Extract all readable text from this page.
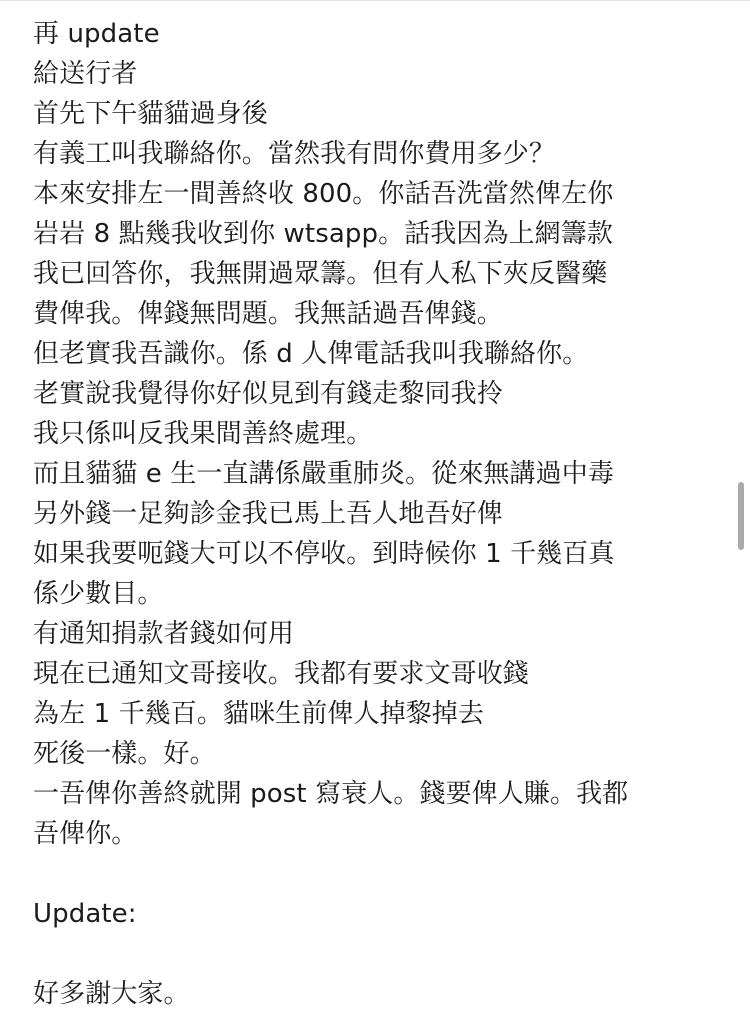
再 update
給送行者
首先下午貓貓過身後
有義工叫我聯絡你。當然我有問你費用多少？
本來安排左一間善終收 800。你話吾洗當然俾左你
岩岩 8 點幾我收到你 wtsapp。話我因為上網籌款
我已回答你，我無開過眾籌。但有人私下夾反醫藥
費俾我。俾錢無問題。我無話過吾俾錢。
但老實我吾識你。係 d 人俾電話我叫我聯絡你。
老實說我覺得你好似見到有錢走黎同我拎
我只係叫反我果間善終處理。
而且貓貓 e 生一直講係嚴重肺炎。從來無講過中毒
另外錢一足夠診金我已馬上吾人地吾好俾
如果我要呃錢大可以不停收。到時候你 1 千幾百真
係少數目。
有通知捐款者錢如何用
現在已通知文哥接收。我都有要求文哥收錢
為左 1 千幾百。貓咪生前俾人掉黎掉去
死後一樣。好。
一吾俾你善終就開 post 寫衰人。錢要俾人賺。我都
吾俾你。
Update:
好多謝大家。
